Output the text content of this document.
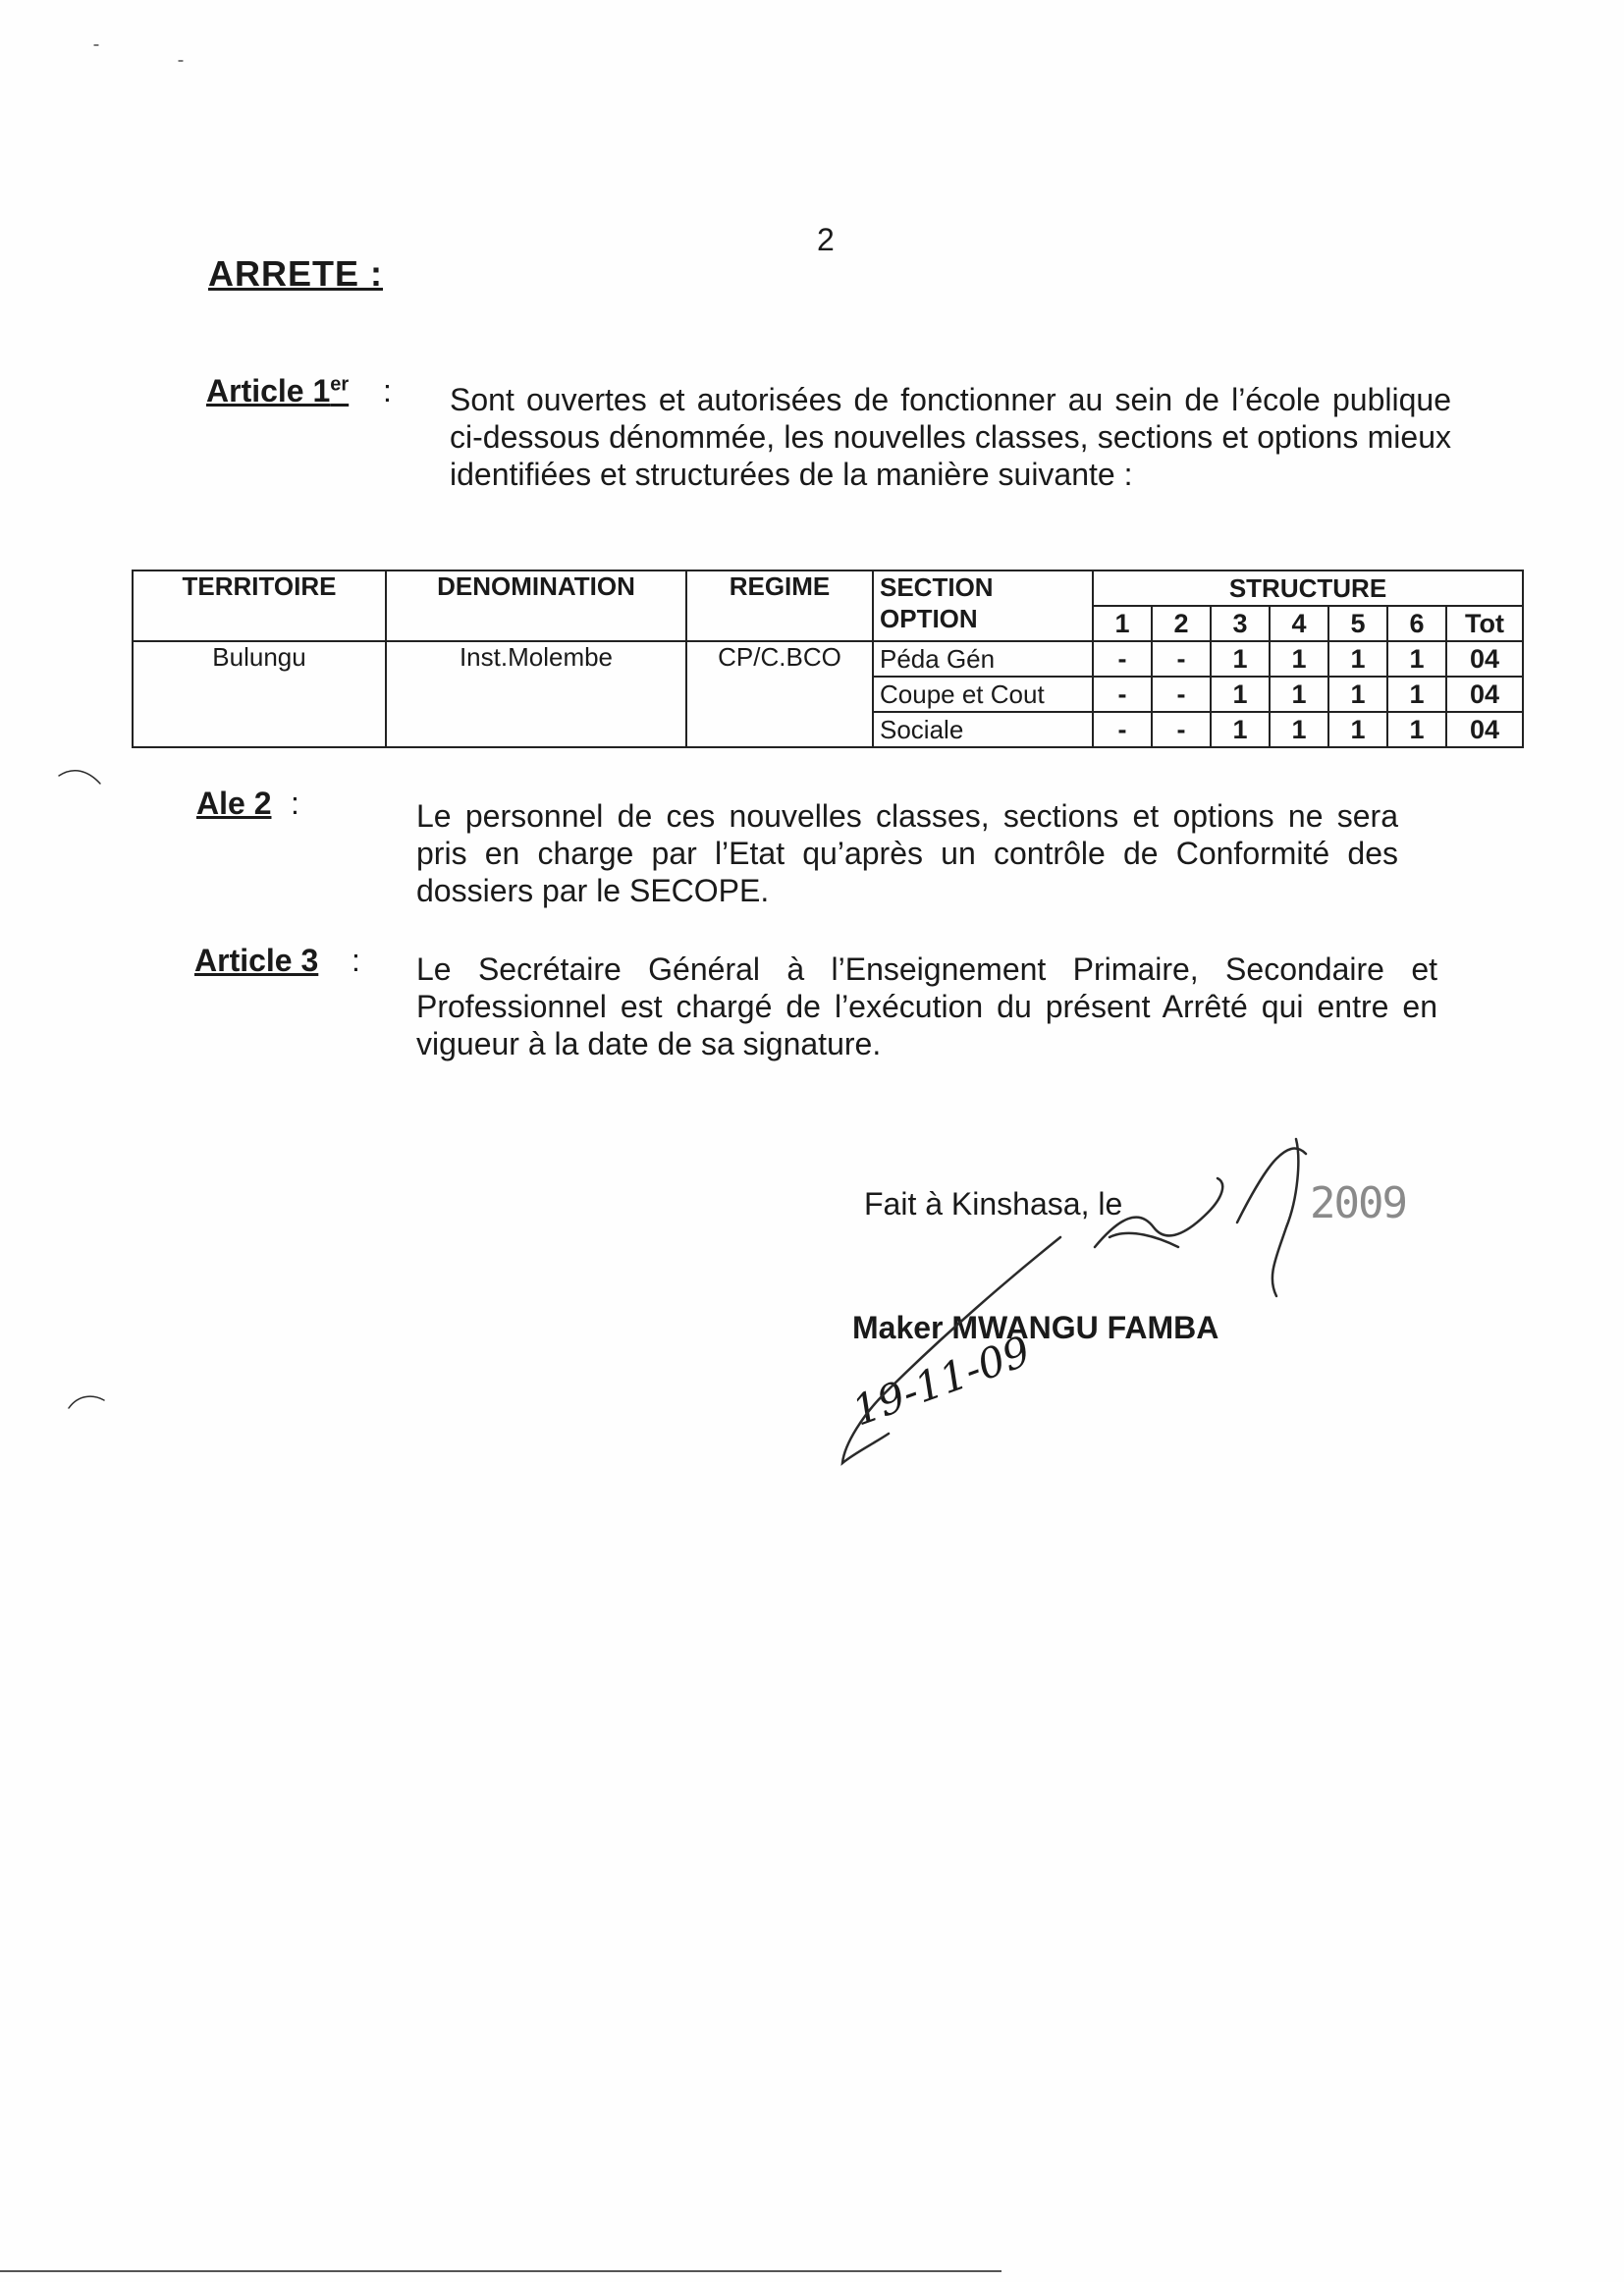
2
ARRETE :
Article 1er : Sont ouvertes et autorisées de fonctionner au sein de l’école publique ci-dessous dénommée, les nouvelles classes, sections et options mieux identifiées et structurées de la manière suivante :
TERRITOIRE	DENOMINATION	REGIME	SECTION OPTION	STRUCTURE						
				1	2	3	4	5	6	Tot
Bulungu	Inst.Molembe	CP/C.BCO	Péda Gén	-	-	1	1	1	1	04
			Coupe et Cout	-	-	1	1	1	1	04
			Sociale	-	-	1	1	1	1	04
Ale 2 :	Le personnel de ces nouvelles classes, sections et options ne sera pris en charge par l’Etat qu’après un contrôle de Conformité des dossiers par le SECOPE.
Article 3 : Le Secrétaire Général à l’Enseignement Primaire, Secondaire et Professionnel est chargé de l’exécution du présent Arrêté qui entre en vigueur à la date de sa signature.
Fait à Kinshasa, le	2009
Maker MWANGU FAMBA
19-11-09
